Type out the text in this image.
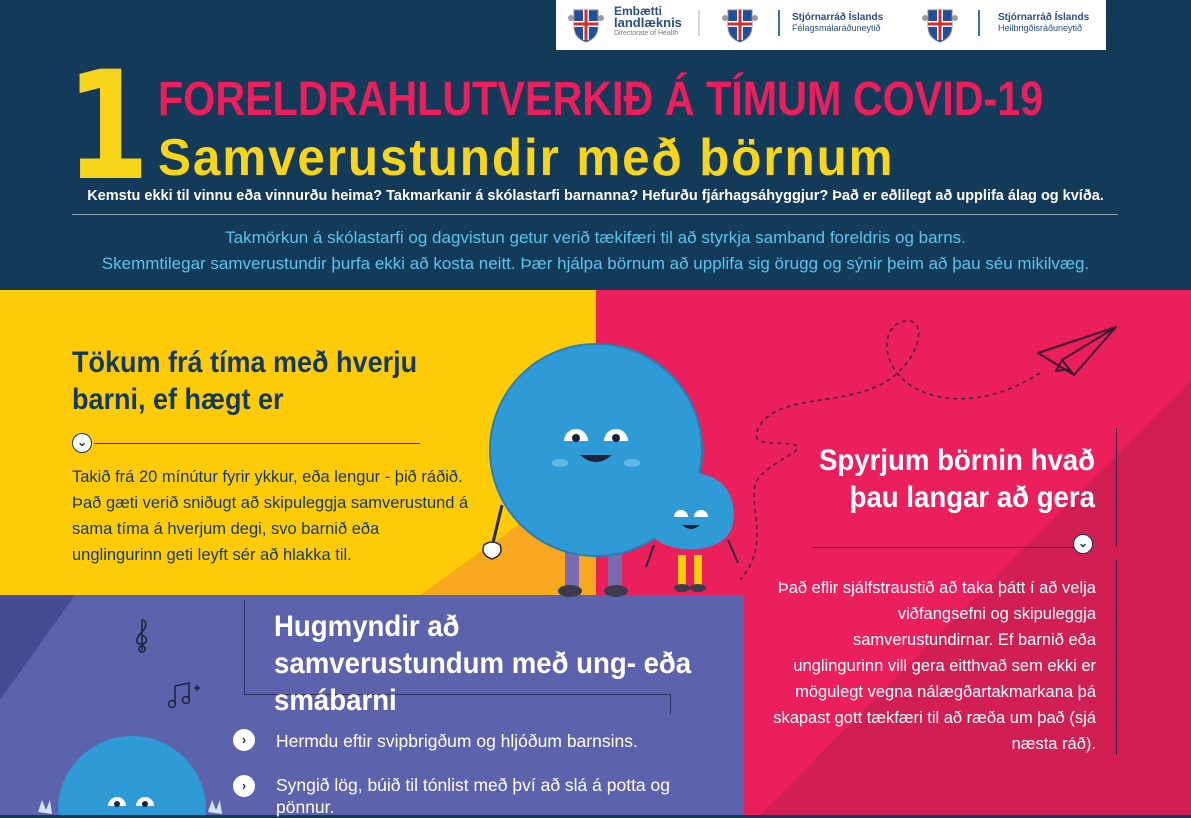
Embætti
landlæknis
Directorate of Health
Stjórnarráð Íslands
Félagsmálaráðuneytið
Stjórnarráð Íslands
Heilbrigðisráðuneytið
1 FORELDRAHLUTVERKIÐ Á TÍMUM COVID-19
Samverustundir með börnum
Kemstu ekki til vinnu eða vinnurðu heima? Takmarkanir á skólastarfi barnanna? Hefurðu fjárhagsáhyggjur? Það er eðlilegt að upplifa álag og kvíða.
Takmörkun á skólastarfi og dagvistun getur verið tækifæri til að styrkja samband foreldris og barns.
Skemmtilegar samverustundir þurfa ekki að kosta neitt. Þær hjálpa börnum að upplifa sig örugg og sýnir þeim að þau séu mikilvæg.
Tökum frá tíma með hverju barni, ef hægt er
⌄
Takið frá 20 mínútur fyrir ykkur, eða lengur - þið ráðið. Það gæti verið sniðugt að skipuleggja samverustund á sama tíma á hverjum degi, svo barnið eða unglingurinn geti leyft sér að hlakka til.
Spyrjum börnin hvað þau langar að gera
⌄
Það eflir sjálfstraustið að taka þátt í að velja viðfangsefni og skipuleggja samverustundirnar. Ef barnið eða unglingurinn vill gera eitthvað sem ekki er mögulegt vegna nálægðartakmarkana þá skapast gott tækfæri til að ræða um það (sjá næsta ráð).
Hugmyndir að samverustundum með ung- eða smábarni
›	Hermdu eftir svipbrigðum og hljóðum barnsins.
›	Syngið lög, búið til tónlist með því að slá á potta og pönnur.
